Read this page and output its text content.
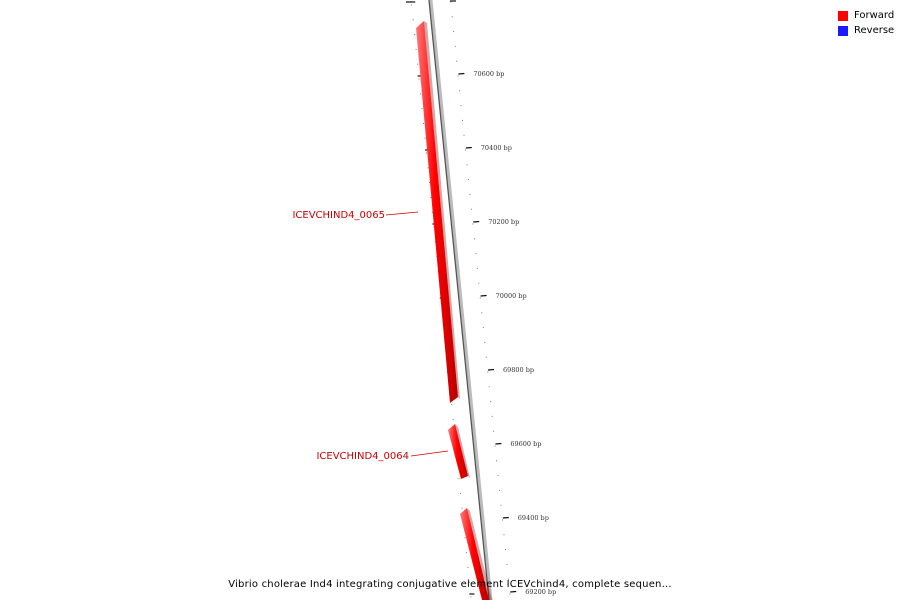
70600 bp
70400 bp
70200 bp
70000 bp
69800 bp
69600 bp
69400 bp
69200 bp
ICEVCHIND4_0065
ICEVCHIND4_0064
Forward
Reverse
Vibrio cholerae Ind4 integrating conjugative element ICEVchind4, complete sequen...
